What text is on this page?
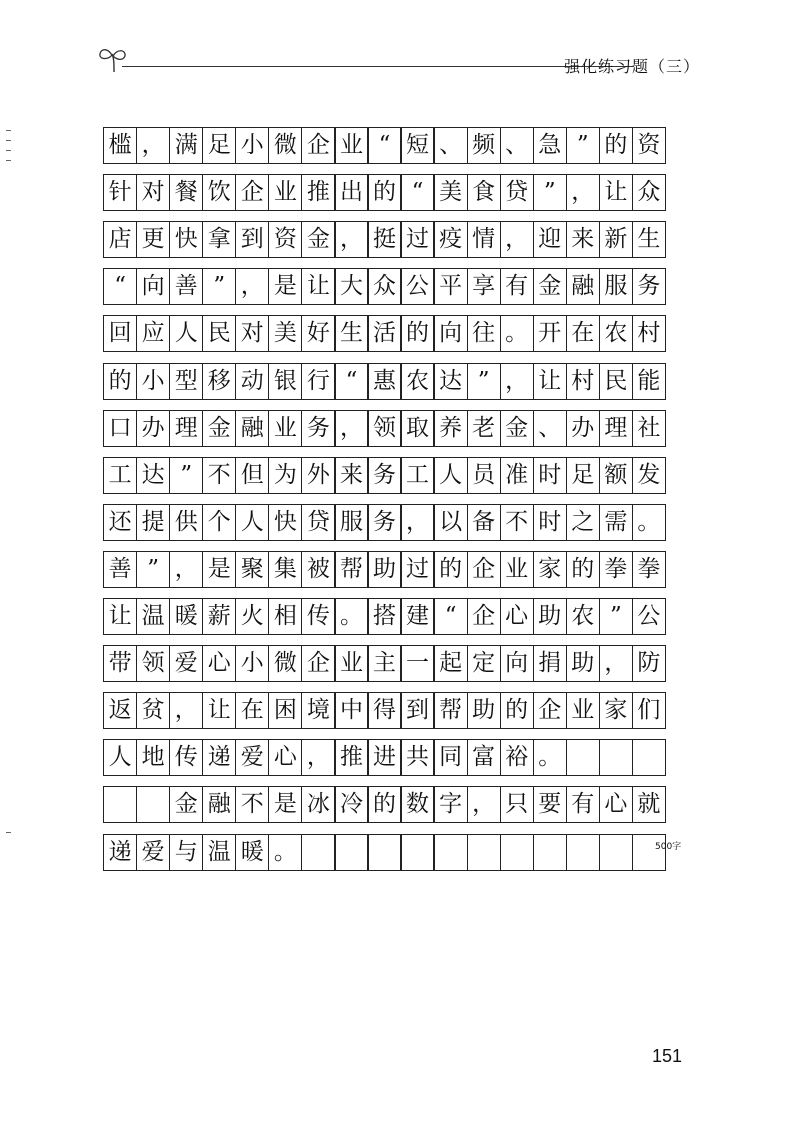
强化练习题（三）
槛 ， 满 足 小 微 企 业 “ 短 、 频 、 急 ” 的 资
针 对 餐 饮 企 业 推 出 的 “ 美 食 贷 ” ， 让 众
店 更 快 拿 到 资 金 ， 挺 过 疫 情 ， 迎 来 新 生
“ 向 善 ” ， 是 让 大 众 公 平 享 有 金 融 服 务
回 应 人 民 对 美 好 生 活 的 向 往 。 开 在 农 村
的 小 型 移 动 银 行 “ 惠 农 达 ” ， 让 村 民 能
口 办 理 金 融 业 务 ， 领 取 养 老 金 、 办 理 社
工 达 ” 不 但 为 外 来 务 工 人 员 准 时 足 额 发
还 提 供 个 人 快 贷 服 务 ， 以 备 不 时 之 需 。
善 ” ， 是 聚 集 被 帮 助 过 的 企 业 家 的 拳 拳
让 温 暖 薪 火 相 传 。 搭 建 “ 企 心 助 农 ” 公
带 领 爱 心 小 微 企 业 主 一 起 定 向 捐 助 ， 防
返 贫 ， 让 在 困 境 中 得 到 帮 助 的 企 业 家 们
人 地 传 递 爱 心 ， 推 进 共 同 富 裕 。
金 融 不 是 冰 冷 的 数 字 ， 只 要 有 心 就
递 爱 与 温 暖 。	500字
151
